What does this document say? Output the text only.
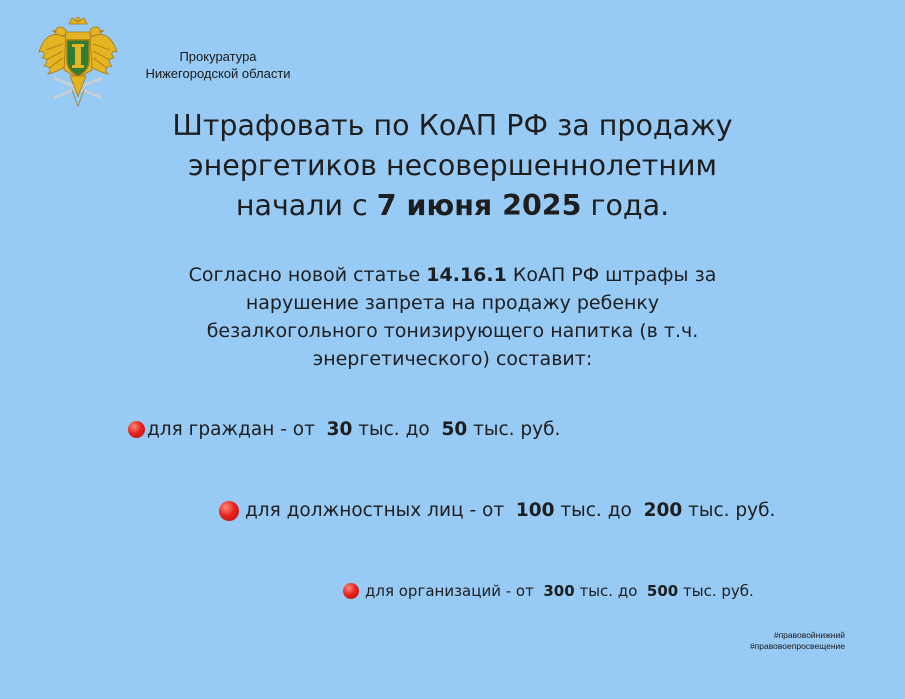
Прокуратура
Нижегородской области
Штрафовать по КоАП РФ за продажу
энергетиков несовершеннолетним
начали с 7 июня 2025 года.
Согласно новой статье 14.16.1 КоАП РФ штрафы за
нарушение запрета на продажу ребенку
безалкогольного тонизирующего напитка (в т.ч.
энергетического) составит:
для граждан - от
30 тыс. до
50 тыс. руб.
для должностных лиц - от
100 тыс. до
200 тыс. руб.
для организаций - от
300 тыс. до
500 тыс. руб.
#правовойнижний
#правовоепросвещение
